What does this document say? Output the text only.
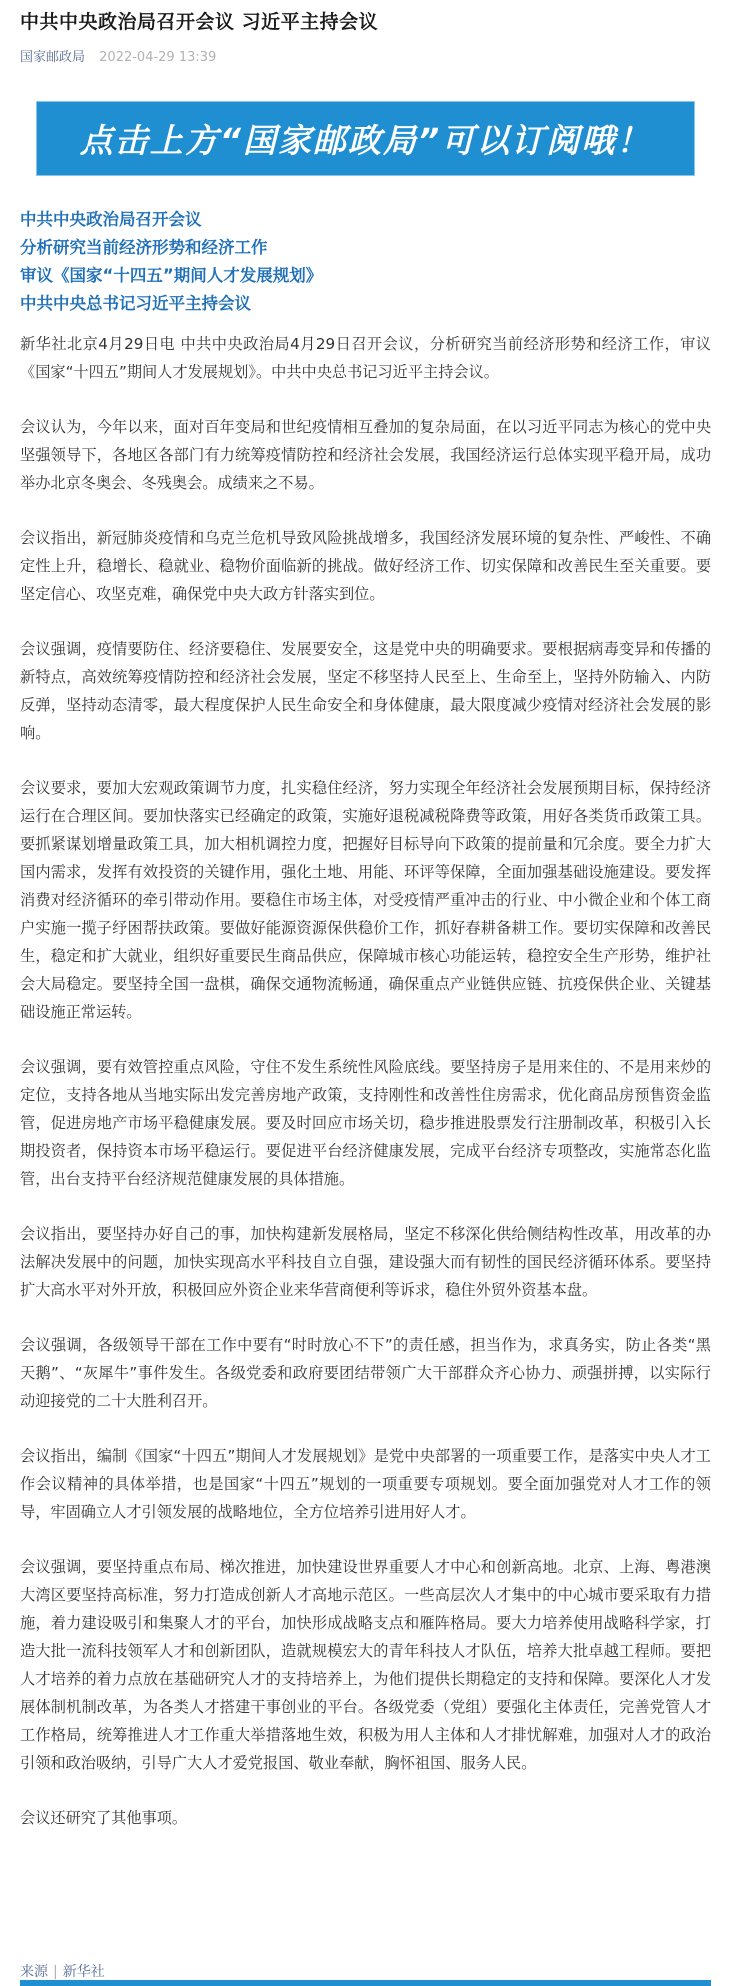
中共中央政治局召开会议 习近平主持会议
国家邮政局 2022-04-29 13:39
点击上方“国家邮政局”可以订阅哦！
中共中央政治局召开会议
分析研究当前经济形势和经济工作
审议《国家“十四五”期间人才发展规划》
中共中央总书记习近平主持会议

新华社北京4月29日电 中共中央政治局4月29日召开会议，分析研究当前经济形势和经济工作，审议《国家“十四五”期间人才发展规划》。中共中央总书记习近平主持会议。

会议认为，今年以来，面对百年变局和世纪疫情相互叠加的复杂局面，在以习近平同志为核心的党中央坚强领导下，各地区各部门有力统筹疫情防控和经济社会发展，我国经济运行总体实现平稳开局，成功举办北京冬奥会、冬残奥会。成绩来之不易。

会议指出，新冠肺炎疫情和乌克兰危机导致风险挑战增多，我国经济发展环境的复杂性、严峻性、不确定性上升，稳增长、稳就业、稳物价面临新的挑战。做好经济工作、切实保障和改善民生至关重要。要坚定信心、攻坚克难，确保党中央大政方针落实到位。

会议强调，疫情要防住、经济要稳住、发展要安全，这是党中央的明确要求。要根据病毒变异和传播的新特点，高效统筹疫情防控和经济社会发展，坚定不移坚持人民至上、生命至上，坚持外防输入、内防反弹，坚持动态清零，最大程度保护人民生命安全和身体健康，最大限度减少疫情对经济社会发展的影响。

会议要求，要加大宏观政策调节力度，扎实稳住经济，努力实现全年经济社会发展预期目标，保持经济运行在合理区间。要加快落实已经确定的政策，实施好退税减税降费等政策，用好各类货币政策工具。要抓紧谋划增量政策工具，加大相机调控力度，把握好目标导向下政策的提前量和冗余度。要全力扩大国内需求，发挥有效投资的关键作用，强化土地、用能、环评等保障，全面加强基础设施建设。要发挥消费对经济循环的牵引带动作用。要稳住市场主体，对受疫情严重冲击的行业、中小微企业和个体工商户实施一揽子纾困帮扶政策。要做好能源资源保供稳价工作，抓好春耕备耕工作。要切实保障和改善民生，稳定和扩大就业，组织好重要民生商品供应，保障城市核心功能运转，稳控安全生产形势，维护社会大局稳定。要坚持全国一盘棋，确保交通物流畅通，确保重点产业链供应链、抗疫保供企业、关键基础设施正常运转。

会议强调，要有效管控重点风险，守住不发生系统性风险底线。要坚持房子是用来住的、不是用来炒的定位，支持各地从当地实际出发完善房地产政策，支持刚性和改善性住房需求，优化商品房预售资金监管，促进房地产市场平稳健康发展。要及时回应市场关切，稳步推进股票发行注册制改革，积极引入长期投资者，保持资本市场平稳运行。要促进平台经济健康发展，完成平台经济专项整改，实施常态化监管，出台支持平台经济规范健康发展的具体措施。

会议指出，要坚持办好自己的事，加快构建新发展格局，坚定不移深化供给侧结构性改革，用改革的办法解决发展中的问题，加快实现高水平科技自立自强，建设强大而有韧性的国民经济循环体系。要坚持扩大高水平对外开放，积极回应外资企业来华营商便利等诉求，稳住外贸外资基本盘。

会议强调，各级领导干部在工作中要有“时时放心不下”的责任感，担当作为，求真务实，防止各类“黑天鹅”、“灰犀牛”事件发生。各级党委和政府要团结带领广大干部群众齐心协力、顽强拼搏，以实际行动迎接党的二十大胜利召开。

会议指出，编制《国家“十四五”期间人才发展规划》是党中央部署的一项重要工作，是落实中央人才工作会议精神的具体举措，也是国家“十四五”规划的一项重要专项规划。要全面加强党对人才工作的领导，牢固确立人才引领发展的战略地位，全方位培养引进用好人才。

会议强调，要坚持重点布局、梯次推进，加快建设世界重要人才中心和创新高地。北京、上海、粤港澳大湾区要坚持高标准，努力打造成创新人才高地示范区。一些高层次人才集中的中心城市要采取有力措施，着力建设吸引和集聚人才的平台，加快形成战略支点和雁阵格局。要大力培养使用战略科学家，打造大批一流科技领军人才和创新团队，造就规模宏大的青年科技人才队伍，培养大批卓越工程师。要把人才培养的着力点放在基础研究人才的支持培养上，为他们提供长期稳定的支持和保障。要深化人才发展体制机制改革，为各类人才搭建干事创业的平台。各级党委（党组）要强化主体责任，完善党管人才工作格局，统筹推进人才工作重大举措落地生效，积极为用人主体和人才排忧解难，加强对人才的政治引领和政治吸纳，引导广大人才爱党报国、敬业奉献，胸怀祖国、服务人民。

会议还研究了其他事项。

来源 | 新华社
